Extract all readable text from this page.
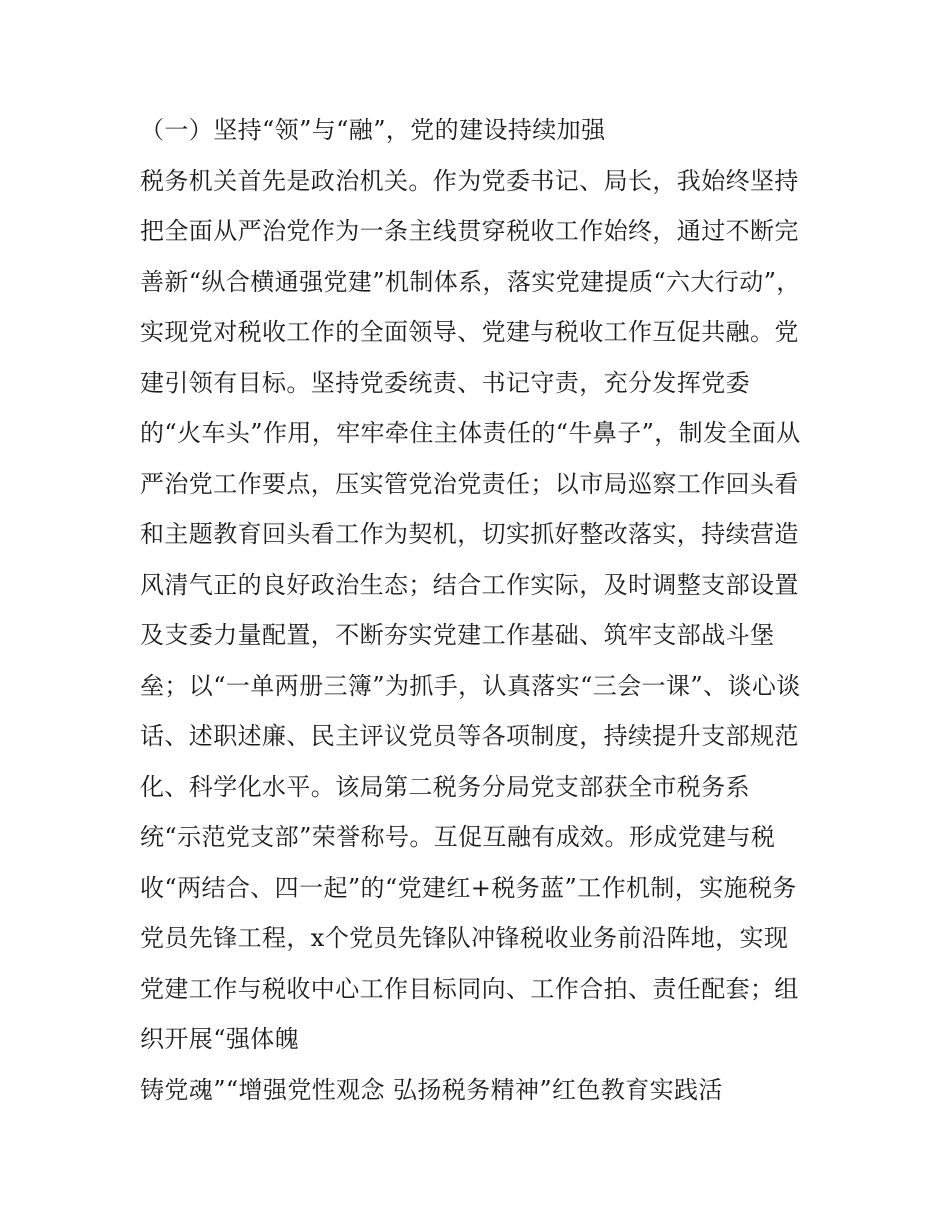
（一）坚持“领”与“融”，党的建设持续加强
税务机关首先是政治机关。作为党委书记、局长，我始终坚持
把全面从严治党作为一条主线贯穿税收工作始终，通过不断完
善新“纵合横通强党建”机制体系，落实党建提质“六大行动”，
实现党对税收工作的全面领导、党建与税收工作互促共融。党
建引领有目标。坚持党委统责、书记守责，充分发挥党委
的“火车头”作用，牢牢牵住主体责任的“牛鼻子”，制发全面从
严治党工作要点，压实管党治党责任；以市局巡察工作回头看
和主题教育回头看工作为契机，切实抓好整改落实，持续营造
风清气正的良好政治生态；结合工作实际，及时调整支部设置
及支委力量配置，不断夯实党建工作基础、筑牢支部战斗堡
垒；以“一单两册三簿”为抓手，认真落实“三会一课”、谈心谈
话、述职述廉、民主评议党员等各项制度，持续提升支部规范
化、科学化水平。该局第二税务分局党支部获全市税务系
统“示范党支部”荣誉称号。互促互融有成效。形成党建与税
收“两结合、四一起”的“党建红+税务蓝”工作机制，实施税务
党员先锋工程，x个党员先锋队冲锋税收业务前沿阵地，实现
党建工作与税收中心工作目标同向、工作合拍、责任配套；组
织开展“强体魄
铸党魂”“增强党性观念 弘扬税务精神”红色教育实践活
